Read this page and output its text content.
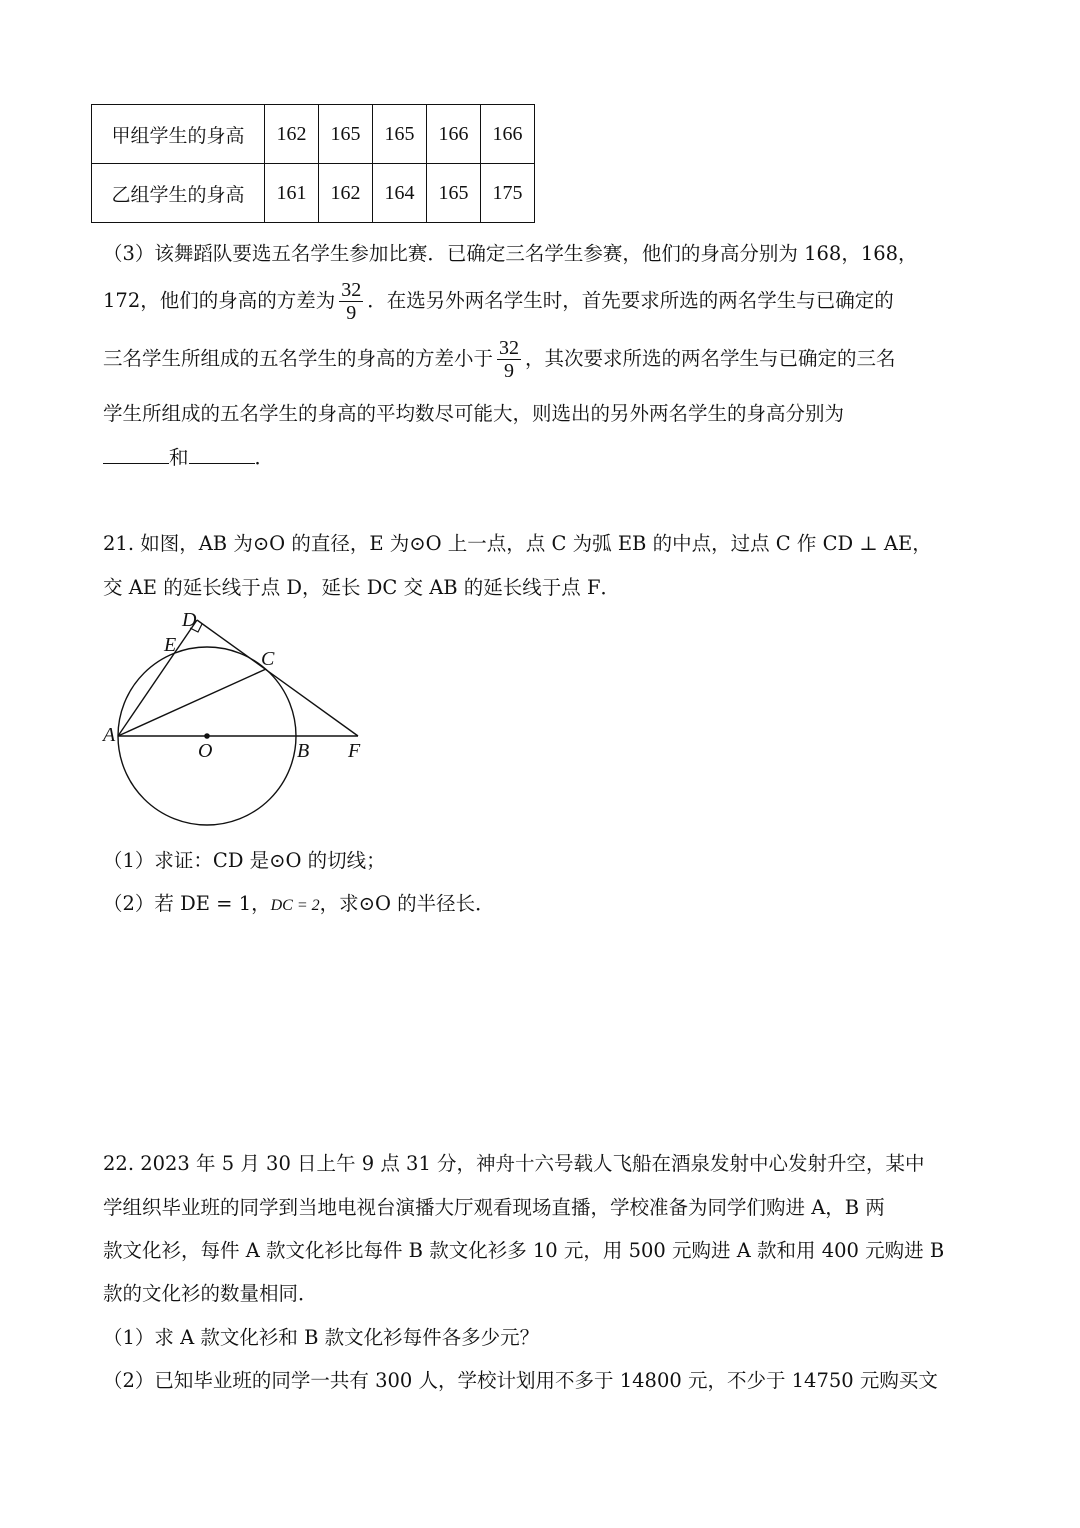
甲组学生的身高	162	165	165	166	166
乙组学生的身高	161	162	164	165	175
（3）该舞蹈队要选五名学生参加比赛．已确定三名学生参赛，他们的身高分别为 168，168，
172，他们的身高的方差为 $\frac{32}{9}$ ．在选另外两名学生时，首先要求所选的两名学生与已确定的
三名学生所组成的五名学生的身高的方差小于 $\frac{32}{9}$ ，其次要求所选的两名学生与已确定的三名
学生所组成的五名学生的身高的平均数尽可能大，则选出的另外两名学生的身高分别为
和	．
21. 如图，AB 为⊙O 的直径，E 为⊙O 上一点，点 C 为弧 EB 的中点，过点 C 作 CD ⊥ AE，
交 AE 的延长线于点 D，延长 DC 交 AB 的延长线于点 F．
D
E
C
A
O	B F
（1）求证：CD 是⊙O 的切线；
（2）若 DE = 1，DC = 2，求⊙O 的半径长．
22. 2023 年 5 月 30 日上午 9 点 31 分，神舟十六号载人飞船在酒泉发射中心发射升空，某中
学组织毕业班的同学到当地电视台演播大厅观看现场直播，学校准备为同学们购进 A，B 两
款文化衫，每件 A 款文化衫比每件 B 款文化衫多 10 元，用 500 元购进 A 款和用 400 元购进 B
款的文化衫的数量相同．
（1）求 A 款文化衫和 B 款文化衫每件各多少元？
（2）已知毕业班的同学一共有 300 人，学校计划用不多于 14800 元，不少于 14750 元购买文
